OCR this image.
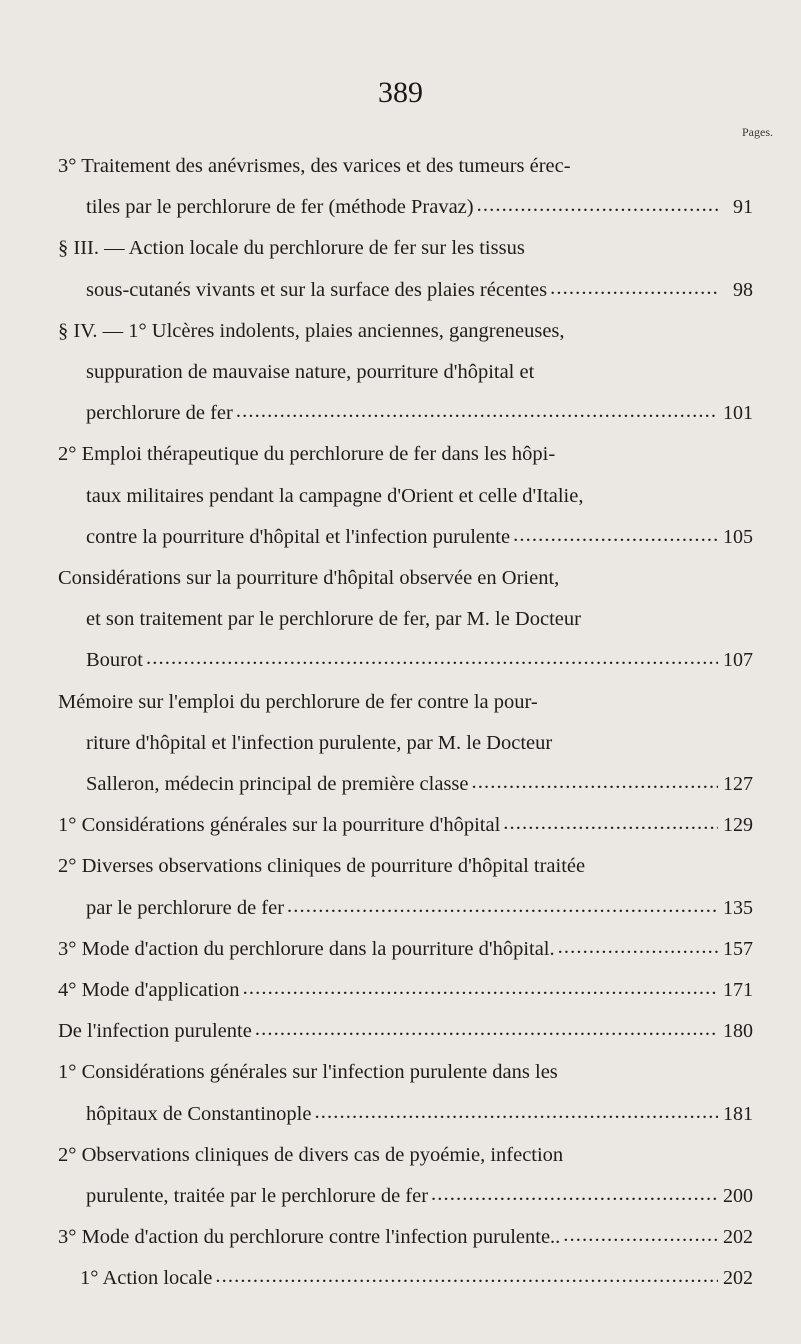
389
Pages.
3° Traitement des anévrismes, des varices et des tumeurs érec-
tiles par le perchlorure de fer (méthode Pravaz) . . .	91
§ III. — Action locale du perchlorure de fer sur les tissus
sous-cutanés vivants et sur la surface des plaies récentes . . .	98
§ IV. — 1° Ulcères indolents, plaies anciennes, gangreneuses,
suppuration de mauvaise nature, pourriture d'hôpital et
perchlorure de fer . . .	101
2° Emploi thérapeutique du perchlorure de fer dans les hôpi-
taux militaires pendant la campagne d'Orient et celle d'Italie,
contre la pourriture d'hôpital et l'infection purulente . . .	105
Considérations sur la pourriture d'hôpital observée en Orient,
et son traitement par le perchlorure de fer, par M. le Docteur
Bourot . . .	107
Mémoire sur l'emploi du perchlorure de fer contre la pour-
riture d'hôpital et l'infection purulente, par M. le Docteur
Salleron, médecin principal de première classe . . .	127
1° Considérations générales sur la pourriture d'hôpital . . .	129
2° Diverses observations cliniques de pourriture d'hôpital traitée
par le perchlorure de fer . . .	135
3° Mode d'action du perchlorure dans la pourriture d'hôpital. . . .	157
4° Mode d'application . . .	171
De l'infection purulente . . .	180
1° Considérations générales sur l'infection purulente dans les
hôpitaux de Constantinople . . .	181
2° Observations cliniques de divers cas de pyoémie, infection
purulente, traitée par le perchlorure de fer . . .	200
3° Mode d'action du perchlorure contre l'infection purulente.. . . .	202
1° Action locale . . .	202
